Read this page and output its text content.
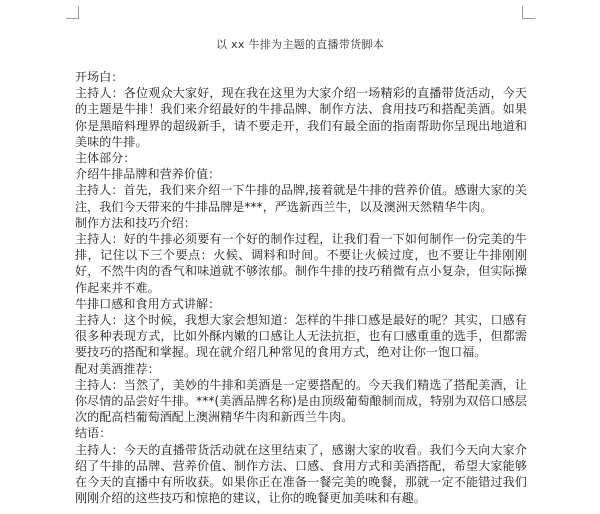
以 xx 牛排为主题的直播带货脚本

开场白：

主持人：各位观众大家好，现在我在这里为大家介绍一场精彩的直播带货活动，今天的主题是牛排！我们来介绍最好的牛排品牌、制作方法、食用技巧和搭配美酒。如果你是黑暗料理界的超级新手，请不要走开，我们有最全面的指南帮助你呈现出地道和美味的牛排。

主体部分：

介绍牛排品牌和营养价值：

主持人：首先，我们来介绍一下牛排的品牌,接着就是牛排的营养价值。感谢大家的关注，我们今天带来的牛排品牌是***，严选新西兰牛，以及澳洲天然精华牛肉。

制作方法和技巧介绍：

主持人：好的牛排必须要有一个好的制作过程，让我们看一下如何制作一份完美的牛排，记住以下三个要点：火候、调料和时间。不要让火候过度，也不要让牛排刚刚好，不然牛肉的香气和味道就不够浓郁。制作牛排的技巧稍微有点小复杂，但实际操作起来并不难。

牛排口感和食用方式讲解：

主持人：这个时候，我想大家会想知道：怎样的牛排口感是最好的呢？其实，口感有很多种表现方式，比如外酥内嫩的口感让人无法抗拒，也有口感重重的选手，但都需要技巧的搭配和掌握。现在就介绍几种常见的食用方式，绝对让你一饱口福。

配对美酒推荐：

主持人：当然了，美妙的牛排和美酒是一定要搭配的。今天我们精选了搭配美酒，让你尽情的品尝好牛排。***(美酒品牌名称)是由顶级葡萄酿制而成，特别为双倍口感层次的配高档葡萄酒配上澳洲精华牛肉和新西兰牛肉。

结语：

主持人：今天的直播带货活动就在这里结束了，感谢大家的收看。我们今天向大家介绍了牛排的品牌、营养价值、制作方法、口感、食用方式和美酒搭配，希望大家能够在今天的直播中有所收获。如果你正在准备一餐完美的晚餐，那就一定不能错过我们刚刚介绍的这些技巧和惊艳的建议，让你的晚餐更加美味和有趣。
